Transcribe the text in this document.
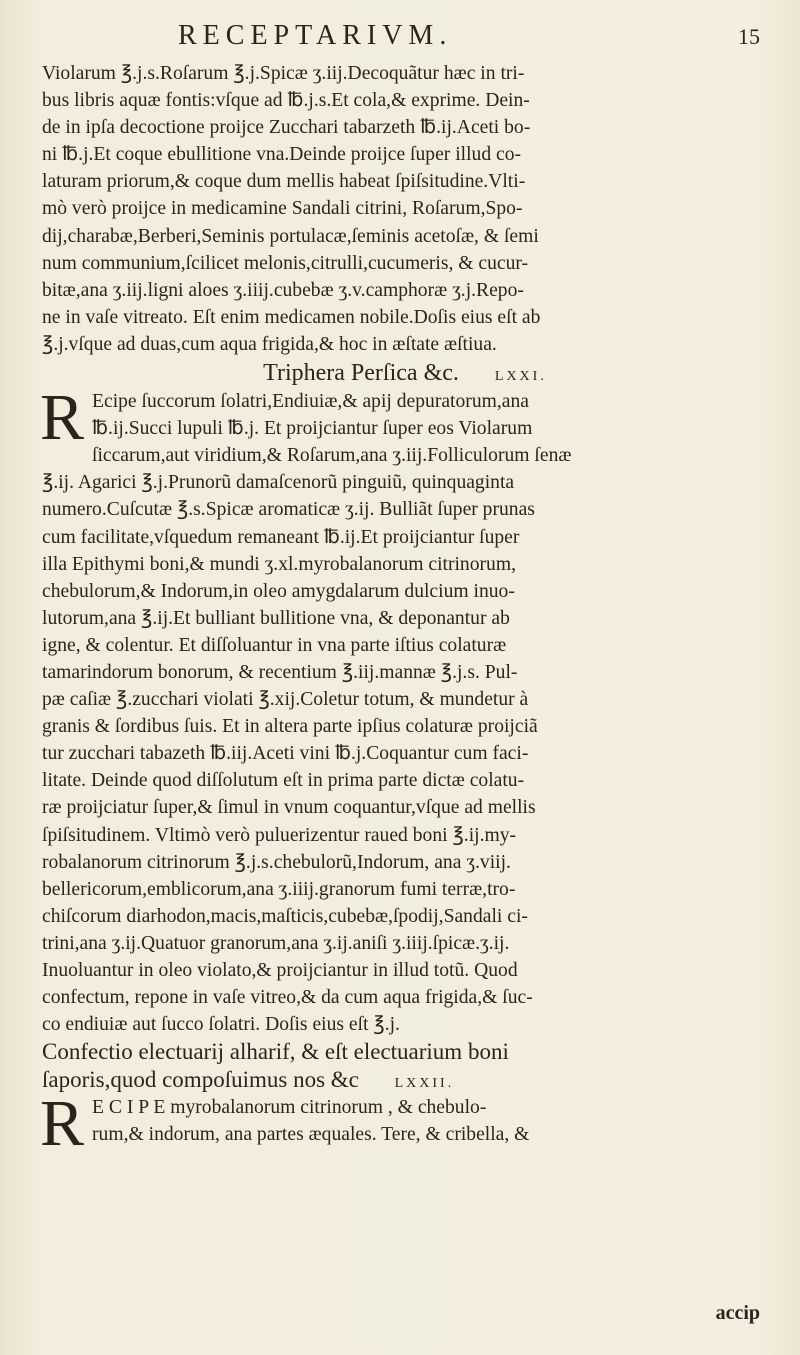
RECEPTARIVM.	15
Violarum ℥.j.s.Roſarum ℥.j.Spicæ ʒ.iij.Decoquãtur hæc in tri-
bus libris aquæ fontis:vſque ad ℔.j.s.Et cola,& exprime. Dein-
de in ipſa decoctione proijce Zucchari tabarzeth ℔.ij.Aceti bo-
ni ℔.j.Et coque ebullitione vna.Deinde proijce ſuper illud co-
laturam priorum,& coque dum mellis habeat ſpiſsitudine.Vlti-
mò verò proijce in medicamine Sandali citrini, Roſarum,Spo-
dij,charabæ,Berberi,Seminis portulacæ,ſeminis acetoſæ, & ſemi
num communium,ſcilicet melonis,citrulli,cucumeris, & cucur-
bitæ,ana ʒ.iij.ligni aloes ʒ.iiij.cubebæ ʒ.v.camphoræ ʒ.j.Repo-
ne in vaſe vitreato. Eſt enim medicamen nobile.Doſis eius eſt ab
℥.j.vſque ad duas,cum aqua frigida,& hoc in æſtate æſtiua.
Triphera Perſica &c.	LXXI.
R Ecipe ſuccorum ſolatri,Endiuiæ,& apij depuratorum,ana
℔.ij.Succi lupuli ℔.j. Et proijciantur ſuper eos Violarum
ſiccarum,aut viridium,& Roſarum,ana ʒ.iij.Folliculorum ſenæ
℥.ij. Agarici ℥.j.Prunorũ damaſcenorũ pinguiũ, quinquaginta
numero.Cuſcutæ ℥.s.Spicæ aromaticæ ʒ.ij. Bulliãt ſuper prunas
cum facilitate,vſquedum remaneant ℔.ij.Et proijciantur ſuper
illa Epithymi boni,& mundi ʒ.xl.myrobalanorum citrinorum,
chebulorum,& Indorum,in oleo amygdalarum dulcium inuo-
lutorum,ana ℥.ij.Et bulliant bullitione vna, & deponantur ab
igne, & colentur. Et diſſoluantur in vna parte iſtius colaturæ
tamarindorum bonorum, & recentium ℥.iij.mannæ ℥.j.s. Pul-
pæ caſiæ ℥.zucchari violati ℥.xij.Coletur totum, & mundetur à
granis & ſordibus ſuis. Et in altera parte ipſius colaturæ proijciã
tur zucchari tabazeth ℔.iij.Aceti vini ℔.j.Coquantur cum faci-
litate. Deinde quod diſſolutum eſt in prima parte dictæ colatu-
ræ proijciatur ſuper,& ſimul in vnum coquantur,vſque ad mellis
ſpiſsitudinem. Vltimò verò puluerizentur raued boni ℥.ij.my-
robalanorum citrinorum ℥.j.s.chebulorũ,Indorum, ana ʒ.viij.
bellericorum,emblicorum,ana ʒ.iiij.granorum fumi terræ,tro-
chiſcorum diarhodon,macis,maſticis,cubebæ,ſpodij,Sandali ci-
trini,ana ʒ.ij.Quatuor granorum,ana ʒ.ij.aniſi ʒ.iiij.ſpicæ.ʒ.ij.
Inuoluantur in oleo violato,& proijciantur in illud totũ. Quod
confectum, repone in vaſe vitreo,& da cum aqua frigida,& ſuc-
co endiuiæ aut ſucco ſolatri. Doſis eius eſt ℥.j.
Confectio electuarij alharif, & eſt electuarium boni
ſaporis,quod compoſuimus nos &c	LXXII.
R E C I P E myrobalanorum citrinorum , & chebulo-
rum,& indorum, ana partes æquales. Tere, & cribella, &
accip
